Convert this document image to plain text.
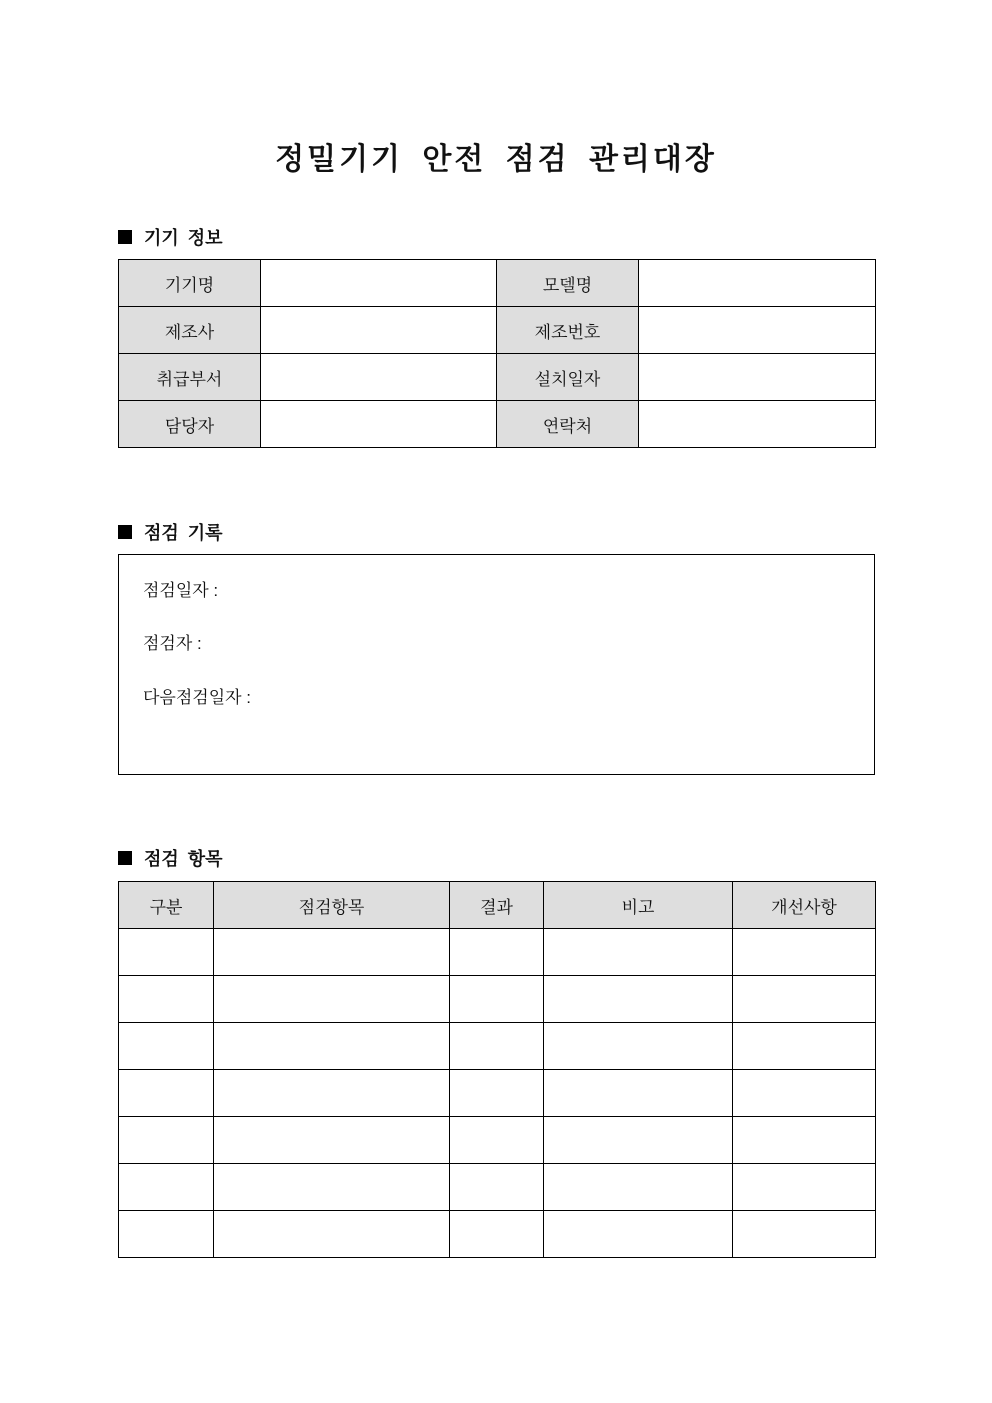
정밀기기 안전 점검 관리대장
기기 정보
기기명		모델명	
제조사		제조번호	
취급부서		설치일자	
담당자		연락처	
점검 기록
점검일자 :
점검자 :
다음점검일자 :
점검 항목
구분	점검항목	결과	비고	개선사항
